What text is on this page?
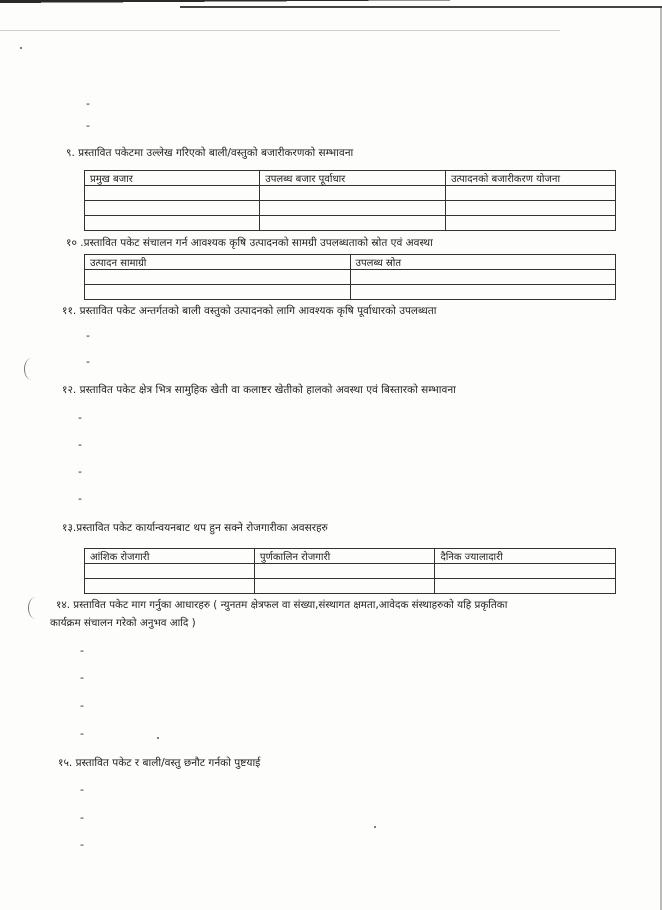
-
-
९. प्रस्तावित पकेटमा उल्लेख गरिएको बाली/वस्तुको बजारीकरणको सम्भावना
प्रमुख बजार	उपलब्ध बजार पूर्वाधार	उत्पादनको बजारीकरण योजना

१० .प्रस्तावित पकेट संचालन गर्न आवश्यक कृषि उत्पादनको सामग्री उपलब्धताको स्रोत एवं अवस्था
उत्पादन सामाग्री	उपलब्ध स्रोत

११. प्रस्तावित पकेट अन्तर्गतको बाली वस्तुको उत्पादनको लागि आवश्यक कृषि पूर्वाधारको उपलब्धता
-
-
१२. प्रस्तावित पकेट क्षेत्र भित्र सामुहिक खेती वा कलाष्टर खेतीको हालको अवस्था एवं बिस्तारको सम्भावना
-
-
-
-
१३.प्रस्तावित पकेट कार्यान्वयनबाट थप हुन सक्ने रोजगारीका अवसरहरु
आंशिक रोजगारी	पुर्णकालिन रोजगारी	दैनिक ज्यालादारी

१४. प्रस्तावित पकेट माग गर्नुका आधारहरु ( न्युनतम क्षेत्रफल वा संख्या,संस्थागत क्षमता,आवेदक संस्थाहरुको यहि प्रकृतिका
कार्यक्रम संचालन गरेको अनुभव आदि )
-
-
-
-
१५. प्रस्तावित पकेट र बाली/वस्तु छनौट गर्नको पुष्टयाई
-
-
-
